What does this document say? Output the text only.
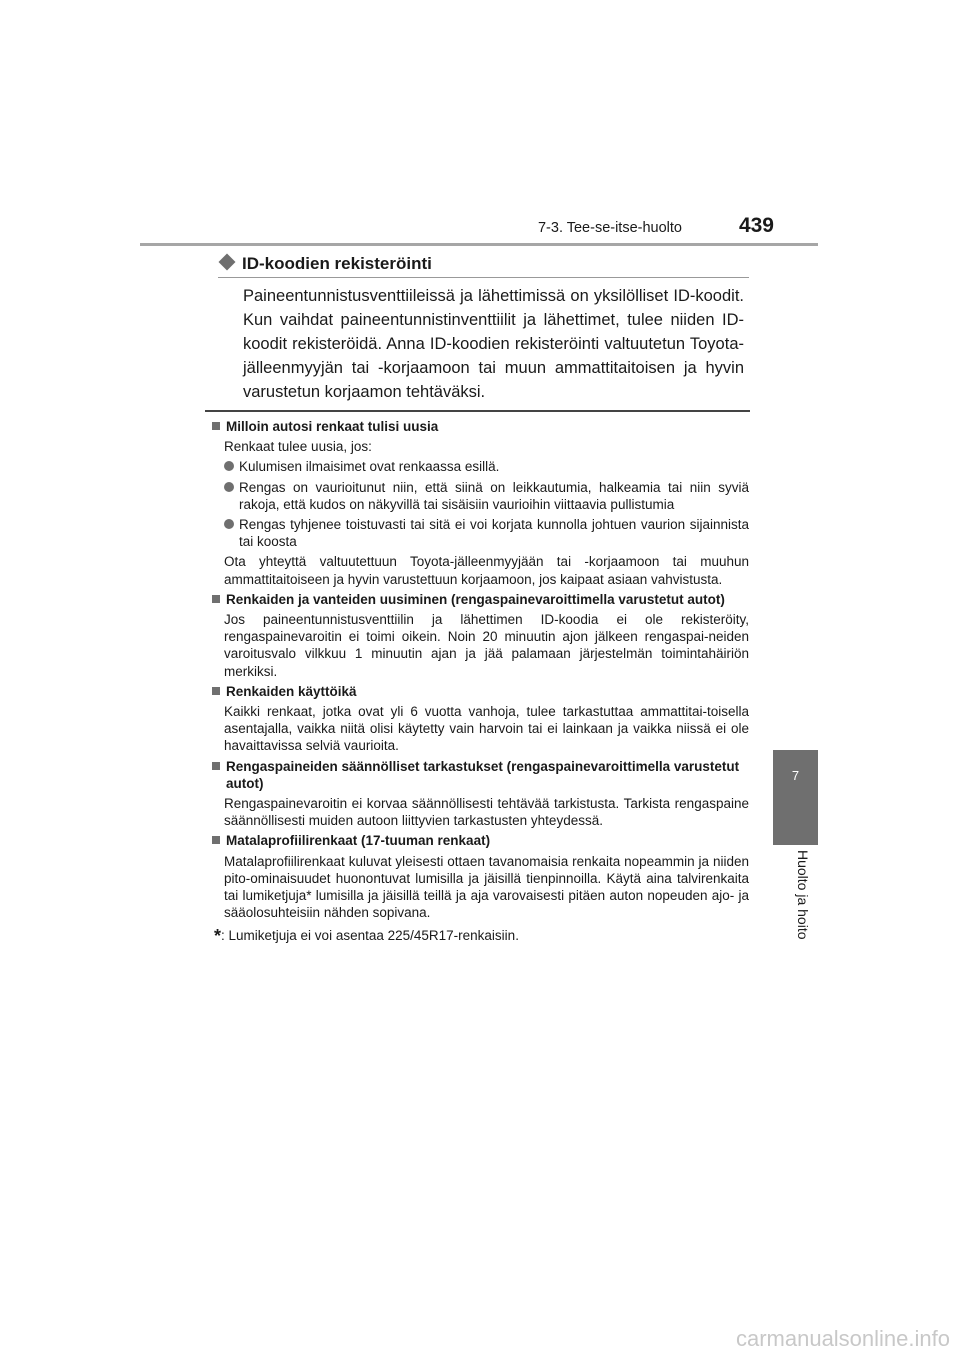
7-3. Tee-se-itse-huolto	439
7
Huolto ja hoito
ID-koodien rekisteröinti
Paineentunnistusventtiileissä ja lähettimissä on yksilölliset ID-koodit. Kun vaihdat paineentunnistinventtiilit ja lähettimet, tulee niiden ID-koodit rekisteröidä. Anna ID-koodien rekisteröinti valtuutetun Toyota-jälleenmyyjän tai -korjaamoon tai muun ammattitaitoisen ja hyvin varustetun korjaamon tehtäväksi.
Milloin autosi renkaat tulisi uusia
Renkaat tulee uusia, jos:
Kulumisen ilmaisimet ovat renkaassa esillä.
Rengas on vaurioitunut niin, että siinä on leikkautumia, halkeamia tai niin syviä rakoja, että kudos on näkyvillä tai sisäisiin vaurioihin viittaavia pullistumia
Rengas tyhjenee toistuvasti tai sitä ei voi korjata kunnolla johtuen vaurion sijainnista tai koosta
Ota yhteyttä valtuutettuun Toyota-jälleenmyyjään tai -korjaamoon tai muuhun ammattitaitoiseen ja hyvin varustettuun korjaamoon, jos kaipaat asiaan vahvistusta.
Renkaiden ja vanteiden uusiminen (rengaspainevaroittimella varustetut autot)
Jos paineentunnistusventtiilin ja lähettimen ID-koodia ei ole rekisteröity, rengaspainevaroitin ei toimi oikein. Noin 20 minuutin ajon jälkeen rengaspai-neiden varoitusvalo vilkkuu 1 minuutin ajan ja jää palamaan järjestelmän toimintahäiriön merkiksi.
Renkaiden käyttöikä
Kaikki renkaat, jotka ovat yli 6 vuotta vanhoja, tulee tarkastuttaa ammattitai-toisella asentajalla, vaikka niitä olisi käytetty vain harvoin tai ei lainkaan ja vaikka niissä ei ole havaittavissa selviä vaurioita.
Rengaspaineiden säännölliset tarkastukset (rengaspainevaroittimella varustetut autot)
Rengaspainevaroitin ei korvaa säännöllisesti tehtävää tarkistusta. Tarkista rengaspaine säännöllisesti muiden autoon liittyvien tarkastusten yhteydessä.
Matalaprofiilirenkaat (17-tuuman renkaat)
Matalaprofiilirenkaat kuluvat yleisesti ottaen tavanomaisia renkaita nopeammin ja niiden pito-ominaisuudet huonontuvat lumisilla ja jäisillä tienpinnoilla. Käytä aina talvirenkaita tai lumiketjuja* lumisilla ja jäisillä teillä ja aja varovaisesti pitäen auton nopeuden ajo- ja sääolosuhteisiin nähden sopivana.
*: Lumiketjuja ei voi asentaa 225/45R17-renkaisiin.
carmanualsonline.info
